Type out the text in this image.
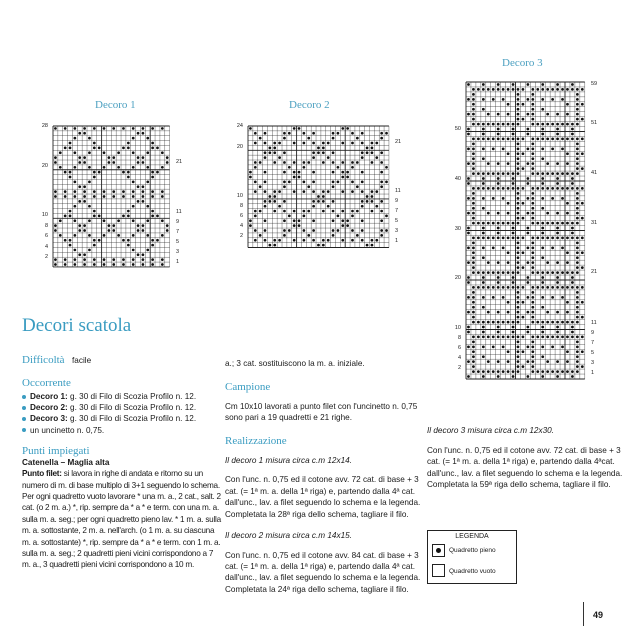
Decoro 1	Decoro 2
Decoro 3
28
20
10
8
6
4
2
21
11
9
7
5
3
1
24
20
10
8
6
4
2
21
11
9
7
5
3
1
50
40
30
20
10
8
6
4
2
59
51
41
31
21
11
9
7
5
3
1
Decori scatola
Difficoltà facile
Occorrente
Decoro 1: g. 30 di Filo di Scozia Profilo n. 12.
Decoro 2: g. 30 di Filo di Scozia Profilo n. 12.
Decoro 3: g. 30 di Filo di Scozia Profilo n. 12.
un uncinetto n. 0,75.
Punti impiegati
Catenella – Maglia alta

Punto filet: si lavora in righe di andata e ritorno su un numero di m. di base multiplo di 3+1 seguendo lo schema. Per ogni quadretto vuoto lavorare * una m. a., 2 cat., salt. 2 cat. (o 2 m. a.) *, rip. sempre da * a * e term. con una m. a. sulla m. a. seg.; per ogni quadretto pieno lav. * 1 m. a. sulla m. a. sottostante, 2 m. a. nell'arch. (o 1 m. a. su ciascuna m. a. sottostante) *, rip. sempre da * a * e term. con 1 m. a. sulla m. a. seg.; 2 quadretti pieni vicini corrispondono a 7 m. a., 3 quadretti pieni vicini corrispondono a 10 m.

a.; 3 cat. sostituiscono la m. a. iniziale.

Campione

Cm 10x10 lavorati a punto filet con l'uncinetto n. 0,75 sono pari a 19 quadretti e 21 righe.

Realizzazione

Il decoro 1 misura circa c.m 12x14.

Con l'unc. n. 0,75 ed il cotone avv. 72 cat. di base + 3 cat. (= 1ª m. a. della 1ª riga) e, partendo dalla 4ª cat. dall'unc., lav. a filet seguendo lo schema e la legenda. Completata la 28ª riga dello schema, tagliare il filo.

Il decoro 2 misura circa c.m 14x15.

Con l'unc. n. 0,75 ed il cotone avv. 84 cat. di base + 3 cat. (= 1ª m. a. della 1ª riga) e, partendo dalla 4ª cat. dall'unc., lav. a filet seguendo lo schema e la legenda. Completata la 24ª riga dello schema, tagliare il filo.

Il decoro 3 misura circa c.m 12x30.

Con l'unc. n. 0,75 ed il cotone avv. 72 cat. di base + 3 cat. (= 1ª m. a. della 1ª riga) e, partendo dalla 4ªcat. dall'unc., lav. a filet seguendo lo schema e la legenda. Completata la 59ª riga dello schema, tagliare il filo.

LEGENDA
Quadretto pieno
Quadretto vuoto
49
